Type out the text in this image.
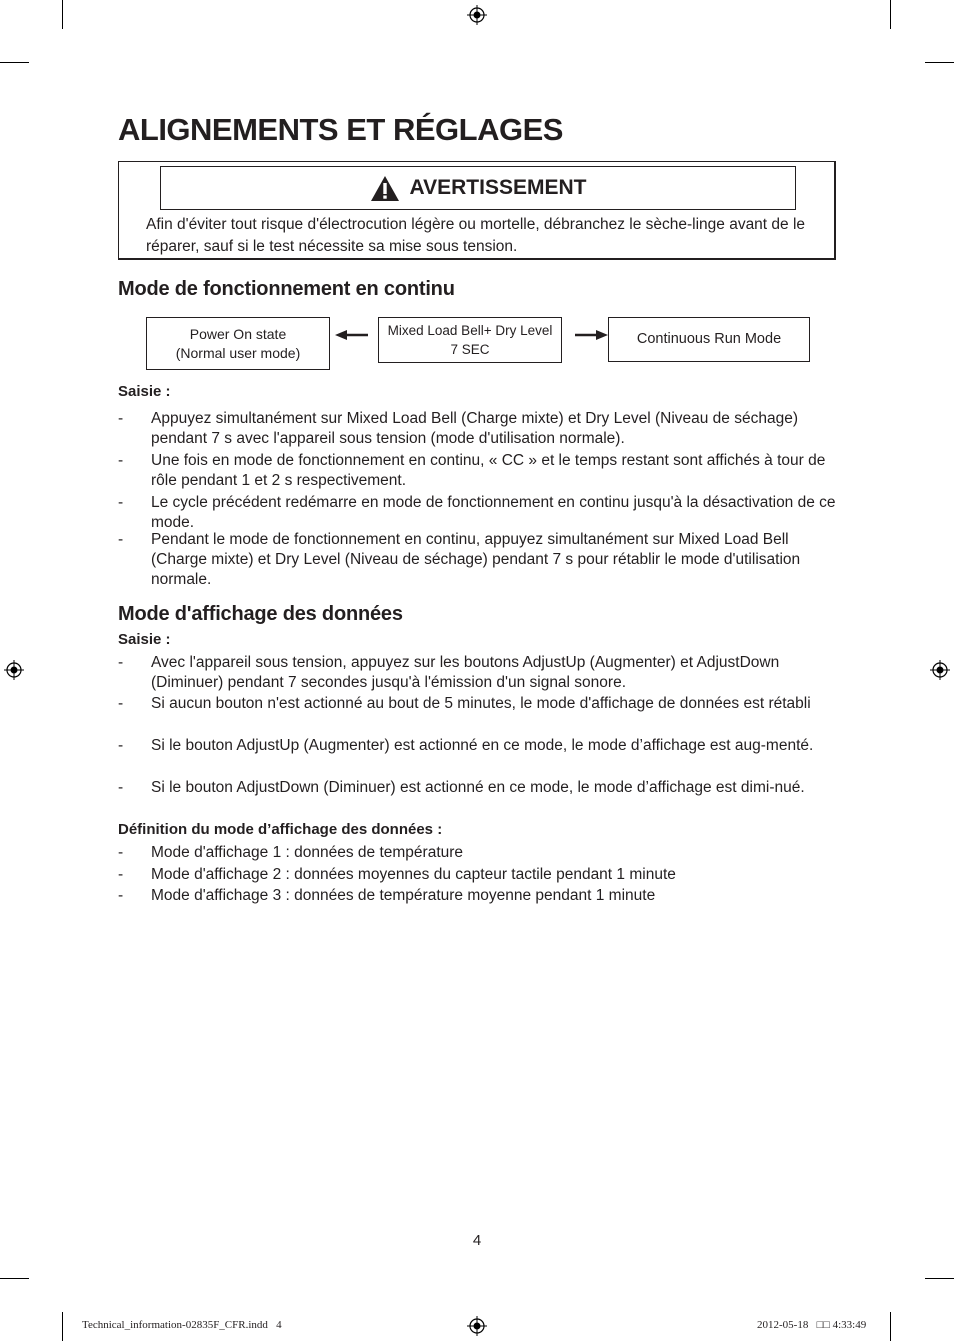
ALIGNEMENTS ET RÉGLAGES
AVERTISSEMENT

Afin d'éviter tout risque d'électrocution légère ou mortelle, débranchez le sèche-linge avant de le réparer, sauf si le test nécessite sa mise sous tension.

Mode de fonctionnement en continu
Power On state
(Normal user mode)
Mixed Load Bell+ Dry Level
7 SEC
Continuous Run Mode

Saisie :

- Appuyez simultanément sur Mixed Load Bell (Charge mixte) et Dry Level (Niveau de séchage) pendant 7 s avec l'appareil sous tension (mode d'utilisation normale).
- Une fois en mode de fonctionnement en continu, « CC » et le temps restant sont affichés à tour de rôle pendant 1 et 2 s respectivement.
- Le cycle précédent redémarre en mode de fonctionnement en continu jusqu'à la désactivation de ce mode.
- Pendant le mode de fonctionnement en continu, appuyez simultanément sur Mixed Load Bell (Charge mixte) et Dry Level (Niveau de séchage) pendant 7 s pour rétablir le mode d'utilisation normale.
Mode d'affichage des données

Saisie :

- Avec l'appareil sous tension, appuyez sur les boutons AdjustUp (Augmenter) et AdjustDown (Diminuer) pendant 7 secondes jusqu'à l'émission d'un signal sonore.
- Si aucun bouton n'est actionné au bout de 5 minutes, le mode d'affichage de données est rétabli
- Si le bouton AdjustUp (Augmenter) est actionné en ce mode, le mode d’affichage est aug-menté.
- Si le bouton AdjustDown (Diminuer) est actionné en ce mode, le mode d’affichage est dimi-nué.

Définition du mode d’affichage des données :

- Mode d'affichage 1 : données de température
- Mode d'affichage 2 : données moyennes du capteur tactile pendant 1 minute
- Mode d'affichage 3 : données de température moyenne pendant 1 minute
4
Technical_information-02835F_CFR.indd   4	2012-05-18   □□ 4:33:49
